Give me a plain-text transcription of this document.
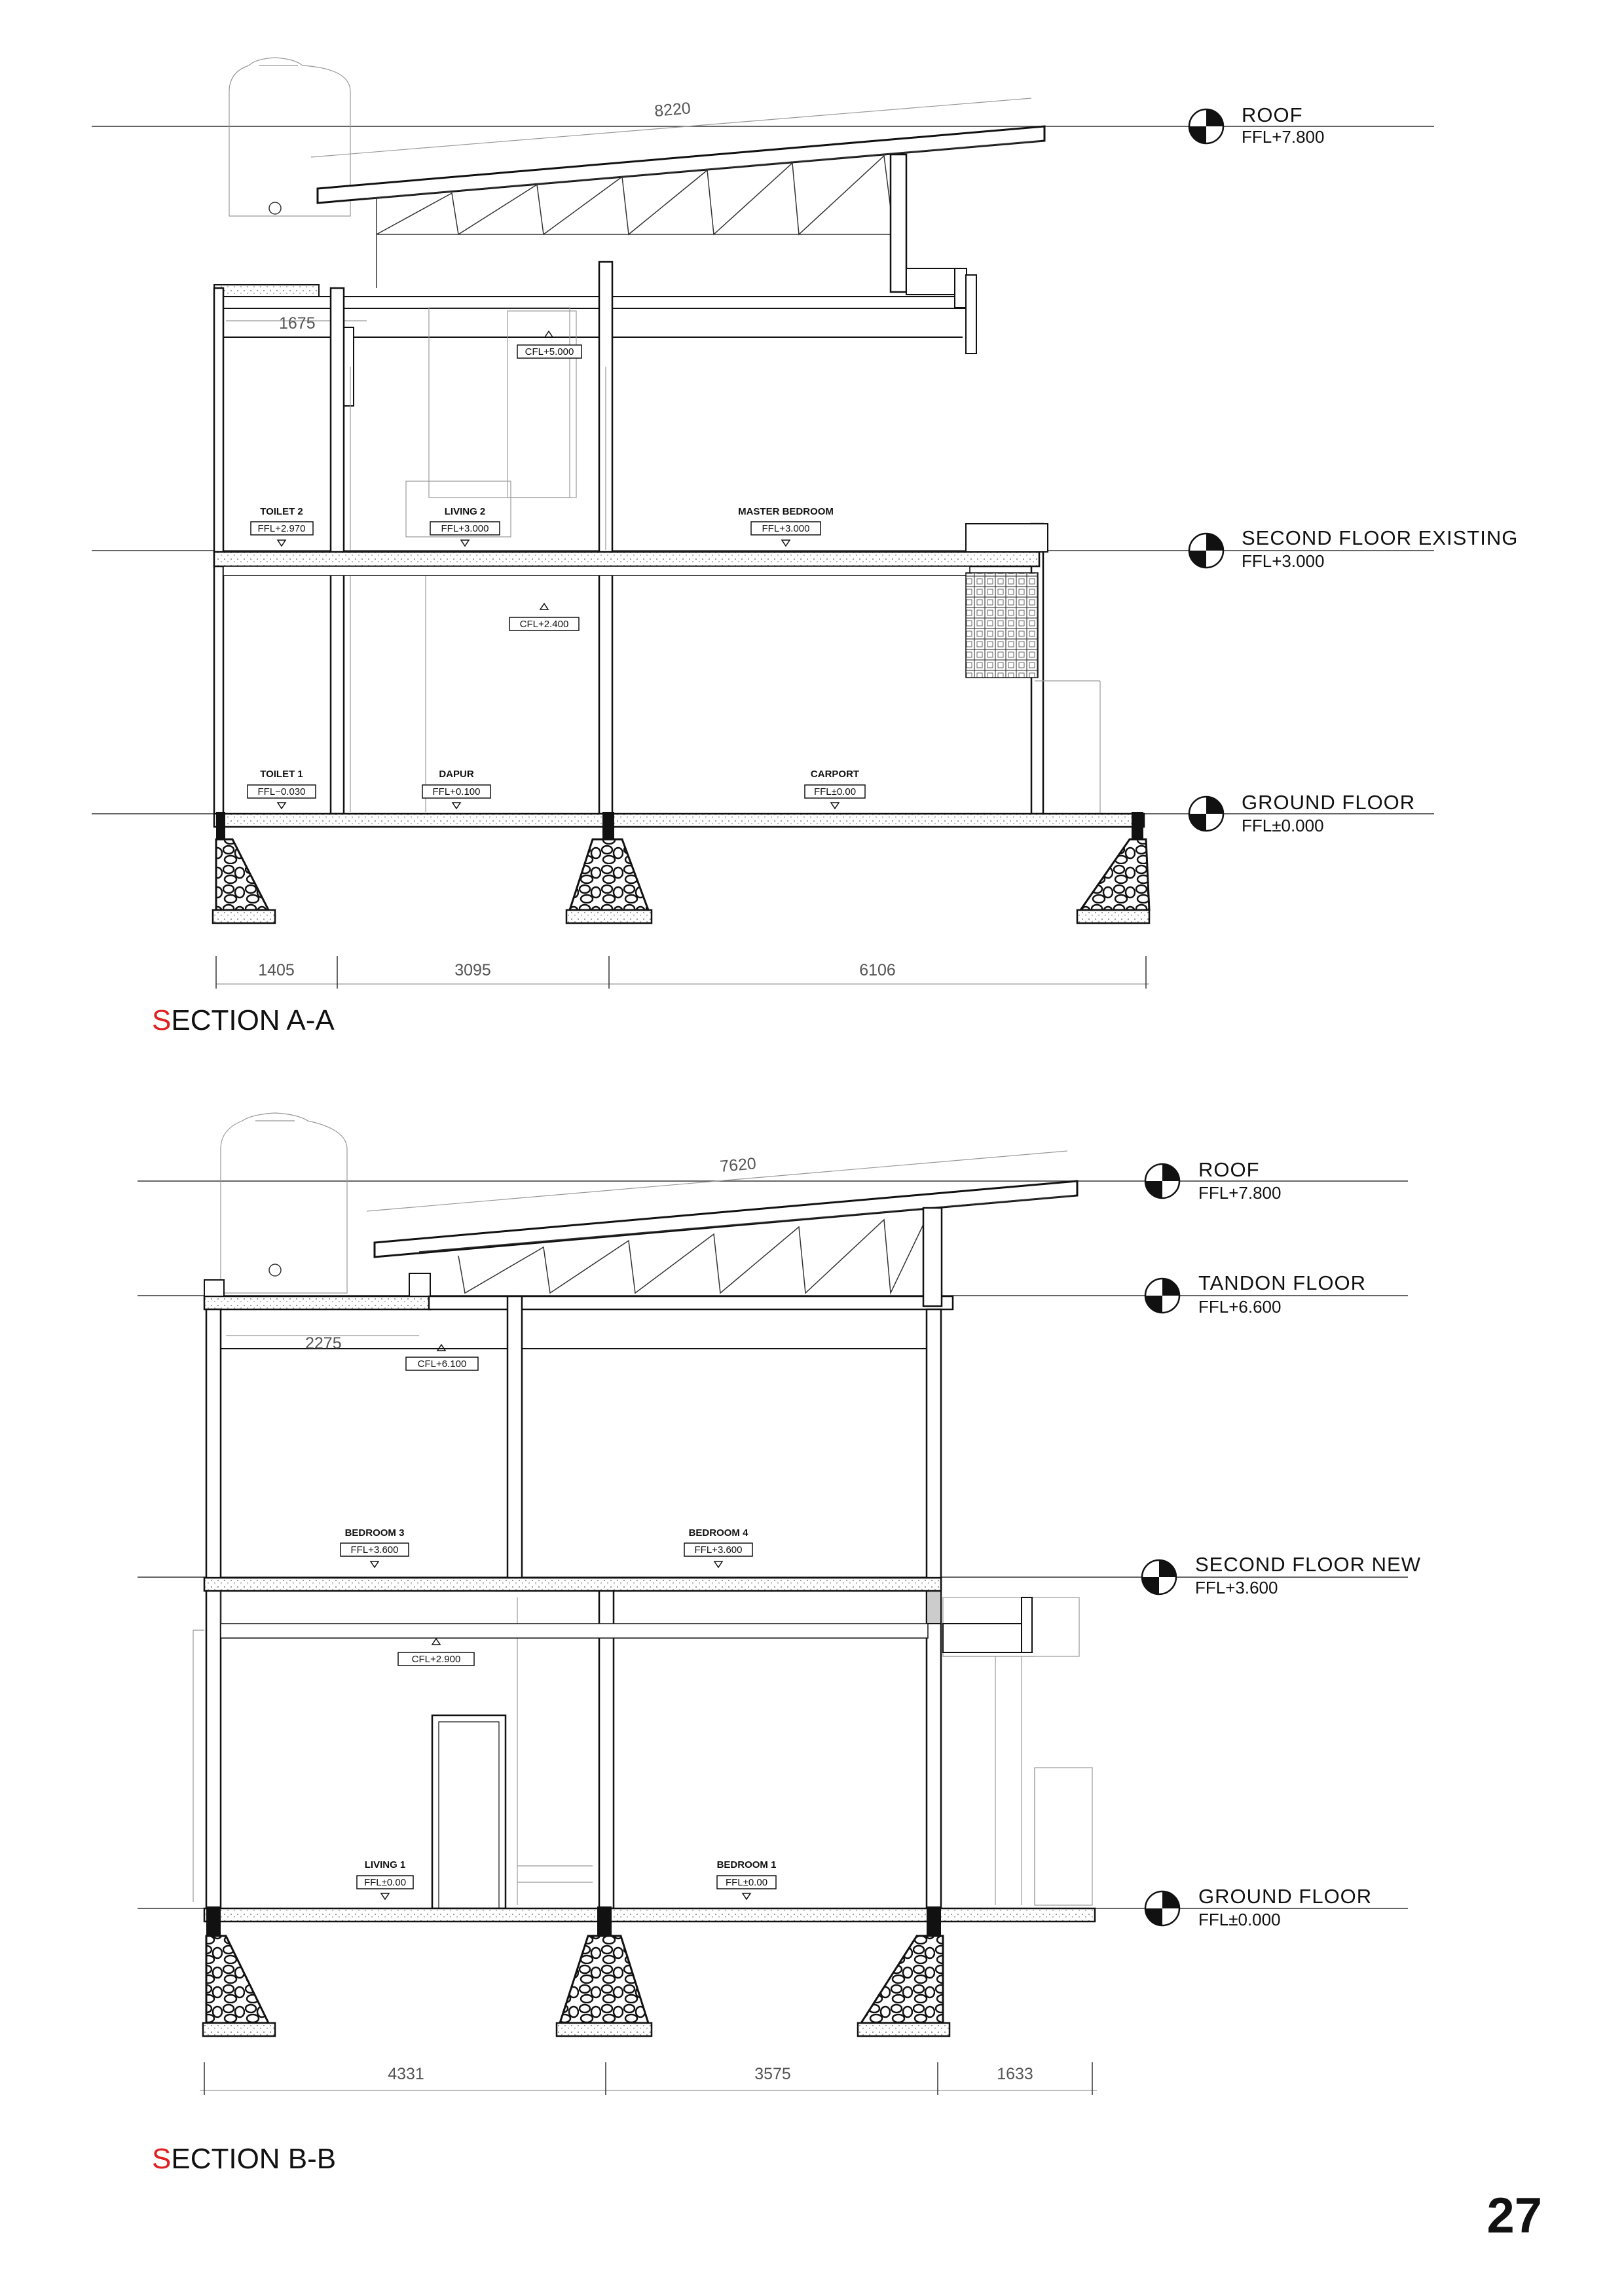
8220
1675
ROOF
FFL+7.800
SECOND FLOOR EXISTING
FFL+3.000
GROUND FLOOR
FFL±0.000
TOILET 2
FFL+2.970
LIVING 2
FFL+3.000
MASTER BEDROOM
FFL+3.000
TOILET 1
FFL−0.030
DAPUR
FFL+0.100
CARPORT
FFL±0.00
CFL+5.000
CFL+2.400
1405	3095	6106
SECTION A-A
7620
2275
ROOF
FFL+7.800
TANDON FLOOR
FFL+6.600
SECOND FLOOR NEW
FFL+3.600
GROUND FLOOR
FFL±0.000
BEDROOM 3
FFL+3.600
BEDROOM 4
FFL+3.600
LIVING 1
FFL±0.00
BEDROOM 1
FFL±0.00
CFL+6.100
CFL+2.900
4331	3575	1633
SECTION B-B
27
